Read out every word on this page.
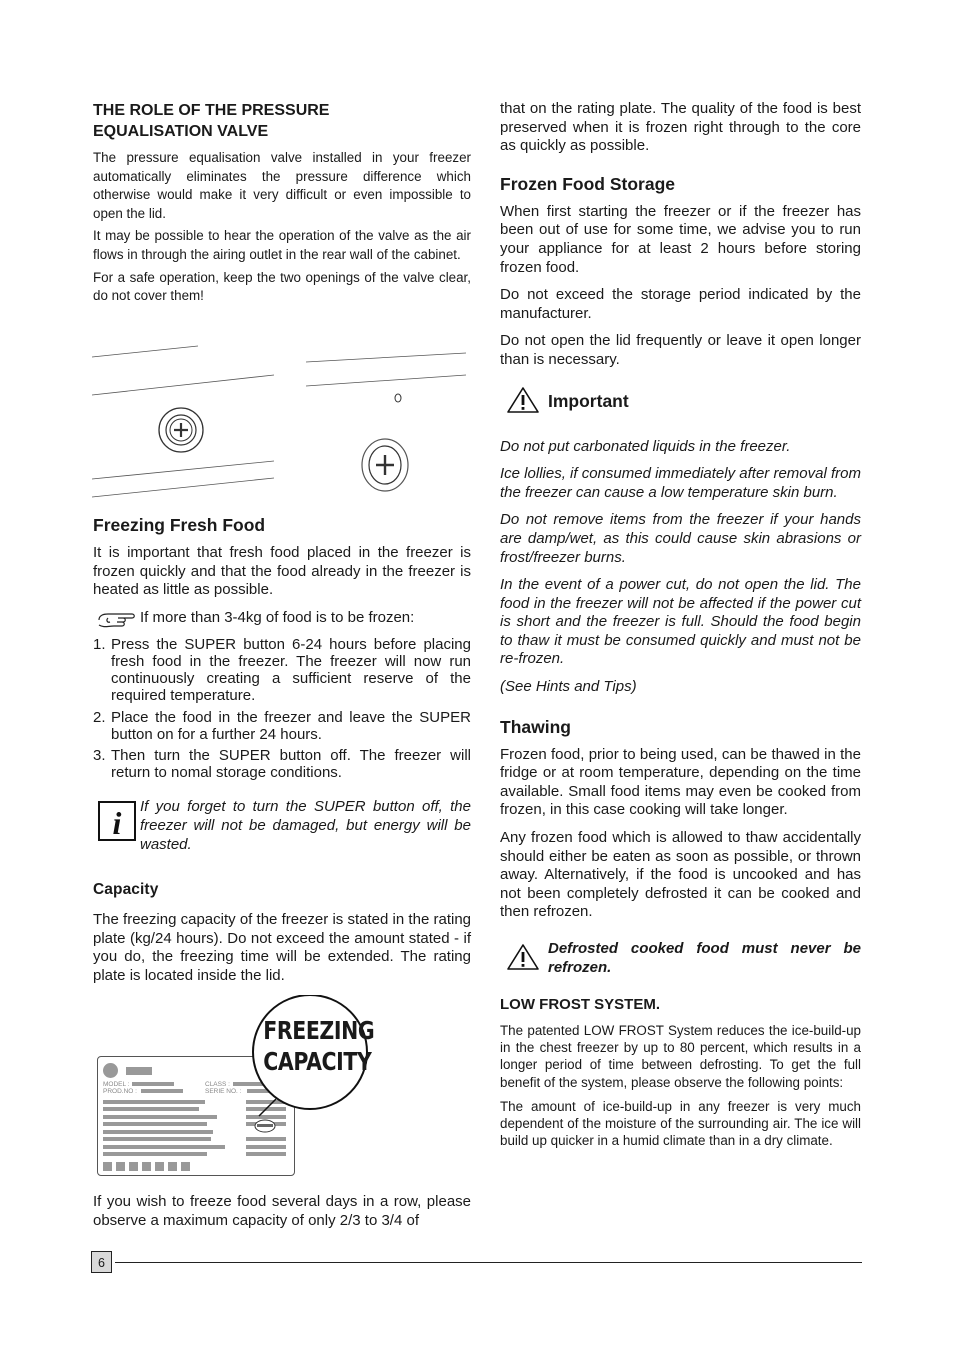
THE ROLE OF THE PRESSURE EQUALISATION VALVE

The pressure equalisation valve installed in your freezer automatically eliminates the pressure difference which otherwise would make it very difficult or even impossible to open the lid.

It may be possible to hear the operation of the valve as the air flows in through the airing outlet in the rear wall of the cabinet.

For a safe operation, keep the two openings of the valve clear, do not cover them!

Freezing Fresh Food

It is important that fresh food placed in the freezer is frozen quickly and that the food already in the freezer is heated as little as possible.

If more than 3-4kg of food is to be frozen:
1. Press the SUPER button 6-24 hours before placing fresh food in the freezer. The freezer will now run continuously creating a sufficient reserve of the required temperature.
2. Place the food in the freezer and leave the SUPER button on for a further 24 hours.
3. Then turn the SUPER button off. The freezer will return to nomal storage conditions.
i If you forget to turn the SUPER button off, the freezer will not be damaged, but energy will be wasted.

Capacity

The freezing capacity of the freezer is stated in the rating plate (kg/24 hours). Do not exceed the amount stated - if you do, the freezing time will be extended. The rating plate is located inside the lid.

MODEL :
PROD.NO :
CLASS :
SERIE NO. :
FREEZING
CAPACITY

If you wish to freeze food several days in a row, please observe a maximum capacity of only 2/3 to 3/4 of

that on the rating plate. The quality of the food is best preserved when it is frozen right through to the core as quickly as possible.

Frozen Food Storage

When first starting the freezer or if the freezer has been out of use for some time, we advise you to run your appliance for at least 2 hours before storing frozen food.

Do not exceed the storage period indicated by the manufacturer.

Do not open the lid frequently or leave it open longer than is necessary.

Important

Do not put carbonated liquids in the freezer.

Ice lollies, if consumed immediately after removal from the freezer can cause a low temperature skin burn.

Do not remove items from the freezer if your hands are damp/wet, as this could cause skin abrasions or frost/freezer burns.

In the event of a power cut, do not open the lid. The food in the freezer will not be affected if the power cut is short and the freezer is full. Should the food begin to thaw it must be consumed quickly and must not be re-frozen.

(See Hints and Tips)

Thawing

Frozen food, prior to being used, can be thawed in the fridge or at room temperature, depending on the time available. Small food items may even be cooked from frozen, in this case cooking will take longer.

Any frozen food which is allowed to thaw accidentally should either be eaten as soon as possible, or thrown away. Alternatively, if the food is uncooked and has not been completely defrosted it can be cooked and then refrozen.

Defrosted cooked food must never be refrozen.

LOW FROST SYSTEM.

The patented LOW FROST System reduces the ice-build-up in the chest freezer by up to 80 percent, which results in a longer period of time between defrosting. To get the full benefit of the system, please observe the following points:

The amount of ice-build-up in any freezer is very much dependent of the moisture of the surrounding air. The ice will build up quicker in a humid climate than in a dry climate.

6
